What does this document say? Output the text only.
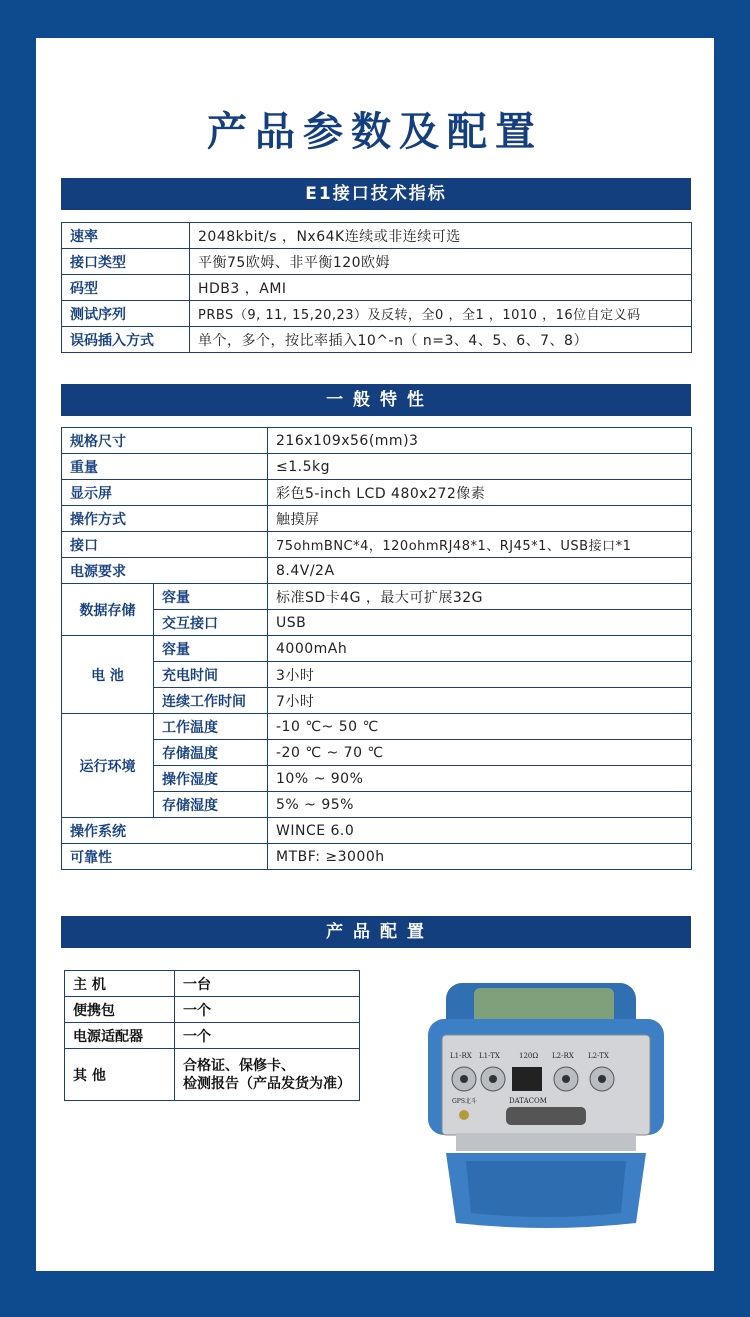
产品参数及配置
E1接口技术指标
速率	2048kbit/s ，Nx64K连续或非连续可选
接口类型	平衡75欧姆、非平衡120欧姆
码型	HDB3 ，AMI
测试序列	PRBS（9, 11, 15,20,23）及反转，全0 ，全1 ，1010 ，16位自定义码
误码插入方式	单个，多个，按比率插入10^-n（ n=3、4、5、6、7、8）
一 般 特 性
规格尺寸		216x109x56(mm)3
重量		≤1.5kg
显示屏		彩色5-inch LCD 480x272像素
操作方式		触摸屏
接口		75ohmBNC*4，120ohmRJ48*1、RJ45*1、USB接口*1
电源要求		8.4V/2A
数据存储	容量	标准SD卡4G ，最大可扩展32G
	交互接口	USB
电 池	容量	4000mAh
	充电时间	3小时
	连续工作时间	7小时
运行环境	工作温度	-10 ℃~ 50 ℃
	存储温度	-20 ℃ ~ 70 ℃
	操作湿度	10% ~ 90%
	存储湿度	5% ~ 95%
操作系统		WINCE 6.0
可靠性		MTBF: ≥3000h
产 品 配 置
主 机	一台
便携包	一个
电源适配器	一个
其 他	合格证、保修卡、
检测报告（产品发货为准）
L1-RX L1-TX	120Ω L2-RX L2-TX
GPS北斗	DATACOM
